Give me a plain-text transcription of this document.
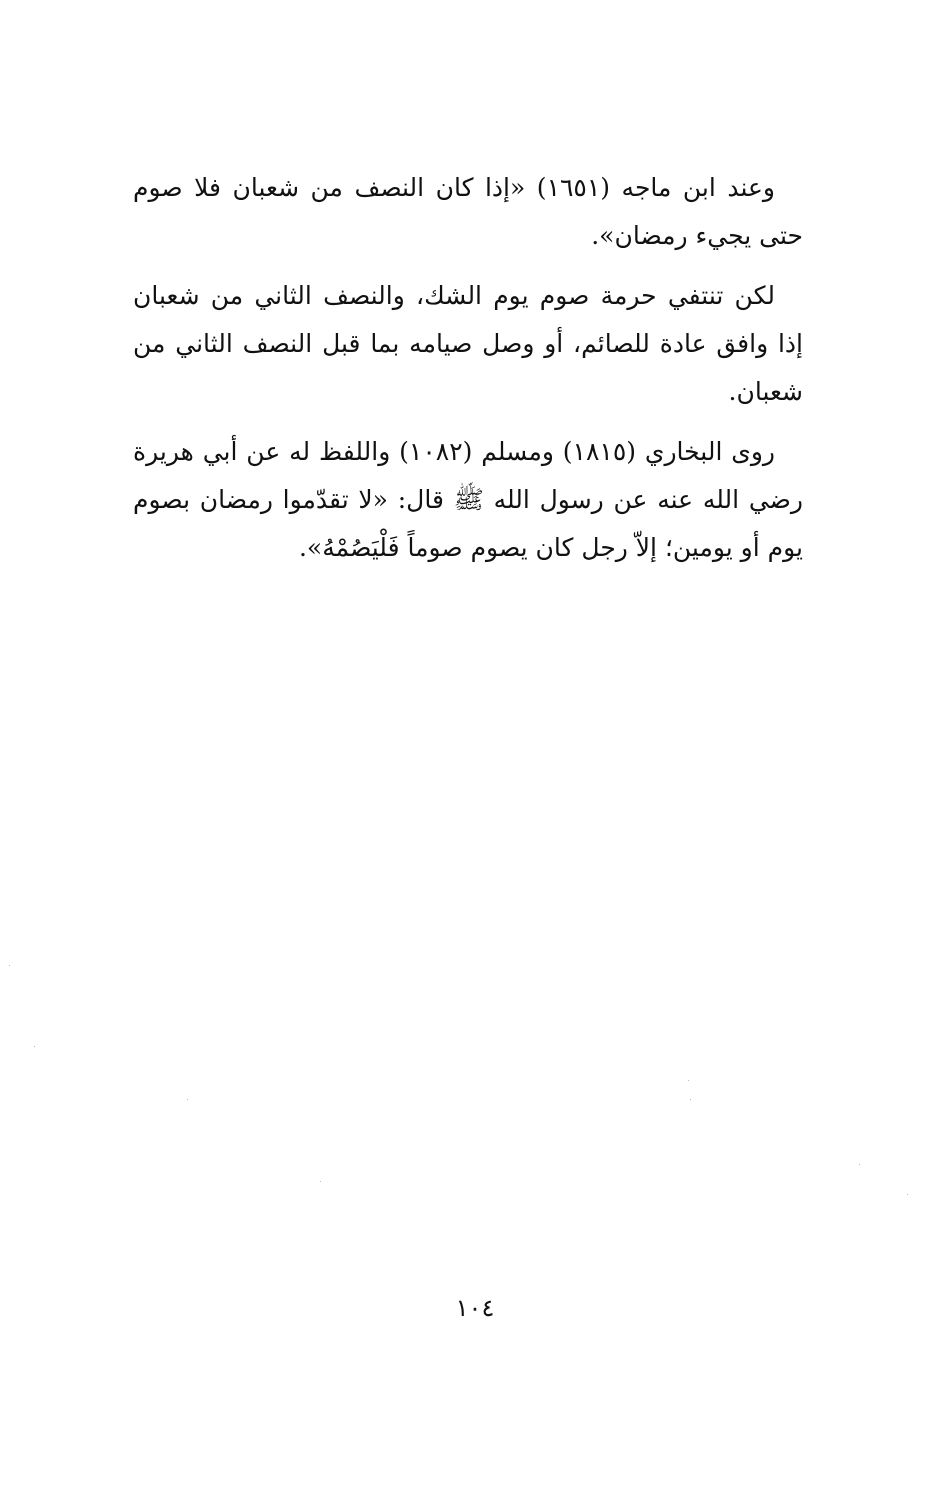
وعند ابن ماجه (١٦٥١) «إذا كان النصف من شعبان فلا صوم حتى يجيء رمضان».

لكن تنتفي حرمة صوم يوم الشك، والنصف الثاني من شعبان إذا وافق عادة للصائم، أو وصل صيامه بما قبل النصف الثاني من شعبان.

روى البخاري (١٨١٥) ومسلم (١٠٨٢) واللفظ له عن أبي هريرة رضي الله عنه عن رسول الله ﷺ قال: «لا تقدّموا رمضان بصوم يوم أو يومين؛ إلاّ رجل كان يصوم صوماً فَلْيَصُمْهُ».

١٠٤
